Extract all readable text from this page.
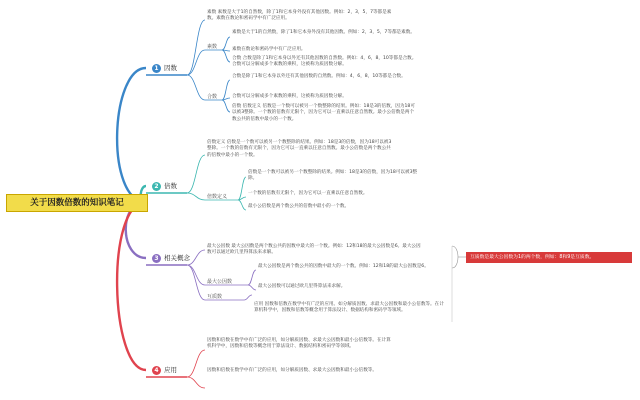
关于因数倍数的知识笔记
1 因数
2 倍数
3 相关概念
4 应用

素数 素数是大于1的自然数，除了1和它本身外没有其他因数。例如：2，3，5，7等都是素数。素数在数论和密码学中有广泛应用。

素数

素数是大于1的自然数，除了1和它本身外没有其他因数。例如：2，3，5，7等都是素数。

素数在数论和密码学中有广泛应用。

合数 合数是除了1和它本身以外还有其他因数的自然数。例如：4，6，8，10等都是合数。合数可以分解成多个素数的乘积，这被称为质因数分解。

合数

合数是除了1和它本身以外还有其他因数的自然数。例如：4，6，8，10等都是合数。

合数可以分解成多个素数的乘积，这被称为质因数分解。

倍数 倍数定义 倍数是一个数可以被另一个数整除的结果。例如：18是3的倍数，因为18可以被3整除。一个数的倍数有无限个，因为它可以一直乘以任意自然数。最小公倍数是两个数公共的倍数中最小的一个数。

倍数定义 倍数是一个数可以被另一个数整除的结果。例如：18是3的倍数，因为18可以被3整除。一个数的倍数有无限个，因为它可以一直乘以任意自然数。最小公倍数是两个数公共的倍数中最小的一个数。

倍数定义

倍数是一个数可以被另一个数整除的结果。例如：18是3的倍数，因为18可以被3整除。

一个数的倍数有无限个，因为它可以一直乘以任意自然数。

最小公倍数是两个数公共的倍数中最小的一个数。

最大公因数 最大公因数是两个数公共的因数中最大的一个数。例如：12和18的最大公因数是6。最大公因数可以通过欧几里得算法来求解。

最大公因数

最大公因数是两个数公共的因数中最大的一个数。例如：12和18的最大公因数是6。

最大公因数可以通过欧几里得算法来求解。

互质数

应用 因数和倍数在数学中有广泛的应用。如分解质因数、求最大公因数和最小公倍数等。在计算机科学中，因数和倍数等概念用于算法设计、数据结构和密码学等领域。

互质数是最大公因数为1的两个数，例如：8和9是互质数。

因数和倍数在数学中有广泛的应用，如分解质因数、求最大公因数和最小公倍数等。在计算机科学中，因数和倍数等概念用于算法设计、数据结构和密码学等领域。

因数和倍数在数学中有广泛的应用，如分解质因数、求最大公因数和最小公倍数等。
